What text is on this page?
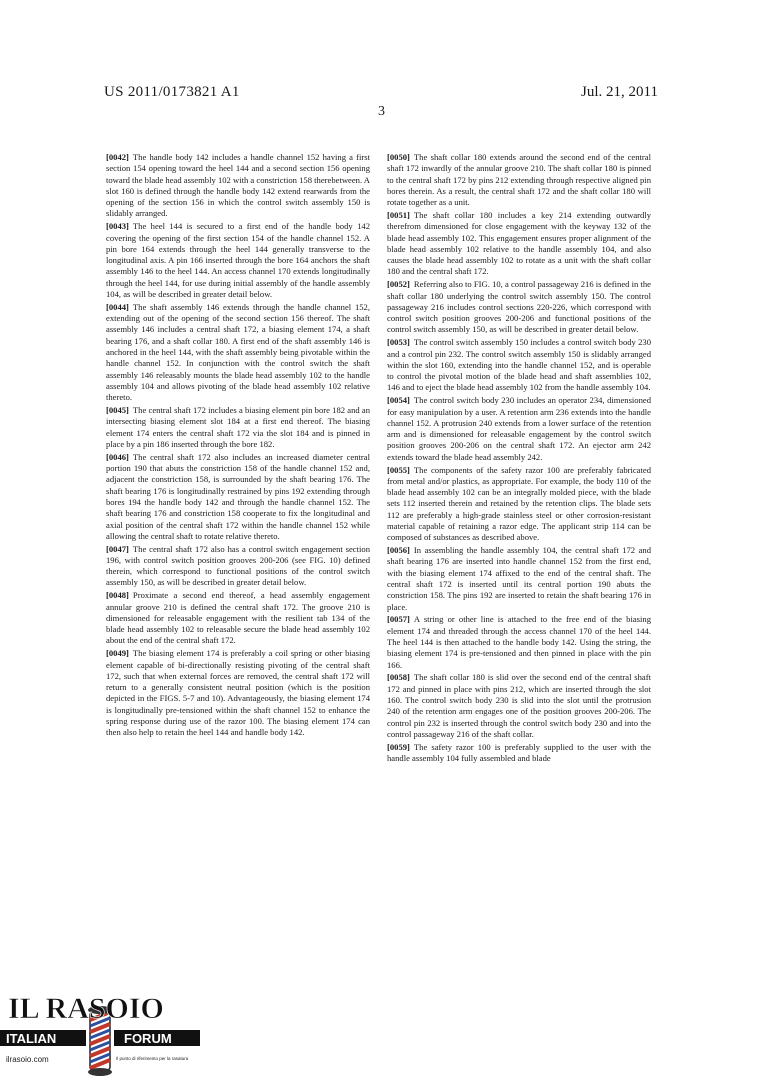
US 2011/0173821 A1	Jul. 21, 2011
3

[0042] The handle body 142 includes a handle channel 152 having a first section 154 opening toward the heel 144 and a second section 156 opening toward the blade head assembly 102 with a constriction 158 therebetween. A slot 160 is defined through the handle body 142 extend rearwards from the opening of the section 156 in which the control switch assembly 150 is slidably arranged.

[0043] The heel 144 is secured to a first end of the handle body 142 covering the opening of the first section 154 of the handle channel 152. A pin bore 164 extends through the heel 144 generally transverse to the longitudinal axis. A pin 166 inserted through the bore 164 anchors the shaft assembly 146 to the heel 144. An access channel 170 extends longitudinally through the heel 144, for use during initial assembly of the handle assembly 104, as will be described in greater detail below.

[0044] The shaft assembly 146 extends through the handle channel 152, extending out of the opening of the second section 156 thereof. The shaft assembly 146 includes a central shaft 172, a biasing element 174, a shaft bearing 176, and a shaft collar 180. A first end of the shaft assembly 146 is anchored in the heel 144, with the shaft assembly being pivotable within the handle channel 152. In conjunction with the control switch the shaft assembly 146 releasably mounts the blade head assembly 102 to the handle assembly 104 and allows pivoting of the blade head assembly 102 relative thereto.

[0045] The central shaft 172 includes a biasing element pin bore 182 and an intersecting biasing element slot 184 at a first end thereof. The biasing element 174 enters the central shaft 172 via the slot 184 and is pinned in place by a pin 186 inserted through the bore 182.

[0046] The central shaft 172 also includes an increased diameter central portion 190 that abuts the constriction 158 of the handle channel 152 and, adjacent the constriction 158, is surrounded by the shaft bearing 176. The shaft bearing 176 is longitudinally restrained by pins 192 extending through bores 194 the handle body 142 and through the handle channel 152. The shaft bearing 176 and constriction 158 cooperate to fix the longitudinal and axial position of the central shaft 172 within the handle channel 152 while allowing the central shaft to rotate relative thereto.

[0047] The central shaft 172 also has a control switch engagement section 196, with control switch position grooves 200-206 (see FIG. 10) defined therein, which correspond to functional positions of the control switch assembly 150, as will be described in greater detail below.

[0048] Proximate a second end thereof, a head assembly engagement annular groove 210 is defined the central shaft 172. The groove 210 is dimensioned for releasable engagement with the resilient tab 134 of the blade head assembly 102 to releasable secure the blade head assembly 102 about the end of the central shaft 172.

[0049] The biasing element 174 is preferably a coil spring or other biasing element capable of bi-directionally resisting pivoting of the central shaft 172, such that when external forces are removed, the central shaft 172 will return to a generally consistent neutral position (which is the position depicted in the FIGS. 5-7 and 10). Advantageously, the biasing element 174 is longitudinally pre-tensioned within the shaft channel 152 to enhance the spring response during use of the razor 100. The biasing element 174 can then also help to retain the heel 144 and handle body 142.

[0050] The shaft collar 180 extends around the second end of the central shaft 172 inwardly of the annular groove 210. The shaft collar 180 is pinned to the central shaft 172 by pins 212 extending through respective aligned pin bores therein. As a result, the central shaft 172 and the shaft collar 180 will rotate together as a unit.

[0051] The shaft collar 180 includes a key 214 extending outwardly therefrom dimensioned for close engagement with the keyway 132 of the blade head assembly 102. This engagement ensures proper alignment of the blade head assembly 102 relative to the handle assembly 104, and also causes the blade head assembly 102 to rotate as a unit with the shaft collar 180 and the central shaft 172.

[0052] Referring also to FIG. 10, a control passageway 216 is defined in the shaft collar 180 underlying the control switch assembly 150. The control passageway 216 includes control sections 220-226, which correspond with control switch position grooves 200-206 and functional positions of the control switch assembly 150, as will be described in greater detail below.

[0053] The control switch assembly 150 includes a control switch body 230 and a control pin 232. The control switch assembly 150 is slidably arranged within the slot 160, extending into the handle channel 152, and is operable to control the pivotal motion of the blade head and shaft assemblies 102, 146 and to eject the blade head assembly 102 from the handle assembly 104.

[0054] The control switch body 230 includes an operator 234, dimensioned for easy manipulation by a user. A retention arm 236 extends into the handle channel 152. A protrusion 240 extends from a lower surface of the retention arm and is dimensioned for releasable engagement by the control switch position grooves 200-206 on the central shaft 172. An ejector arm 242 extends toward the blade head assembly 242.

[0055] The components of the safety razor 100 are preferably fabricated from metal and/or plastics, as appropriate. For example, the body 110 of the blade head assembly 102 can be an integrally molded piece, with the blade sets 112 inserted therein and retained by the retention clips. The blade sets 112 are preferably a high-grade stainless steel or other corrosion-resistant material capable of retaining a razor edge. The applicant strip 114 can be composed of substances as described above.

[0056] In assembling the handle assembly 104, the central shaft 172 and shaft bearing 176 are inserted into handle channel 152 from the first end, with the biasing element 174 affixed to the end of the central shaft. The central shaft 172 is inserted until its central portion 190 abuts the constriction 158. The pins 192 are inserted to retain the shaft bearing 176 in place.

[0057] A string or other line is attached to the free end of the biasing element 174 and threaded through the access channel 170 of the heel 144. The heel 144 is then attached to the handle body 142. Using the string, the biasing element 174 is pre-tensioned and then pinned in place with the pin 166.

[0058] The shaft collar 180 is slid over the second end of the central shaft 172 and pinned in place with pins 212, which are inserted through the slot 160. The control switch body 230 is slid into the slot until the protrusion 240 of the retention arm engages one of the position grooves 200-206. The control pin 232 is inserted through the control switch body 230 and into the control passageway 216 of the shaft collar.

[0059] The safety razor 100 is preferably supplied to the user with the handle assembly 104 fully assembled and blade

IL RASOIO
ITALIAN	FORUM
ilrasoio.com	Il punto di riferimento per la rasatura
